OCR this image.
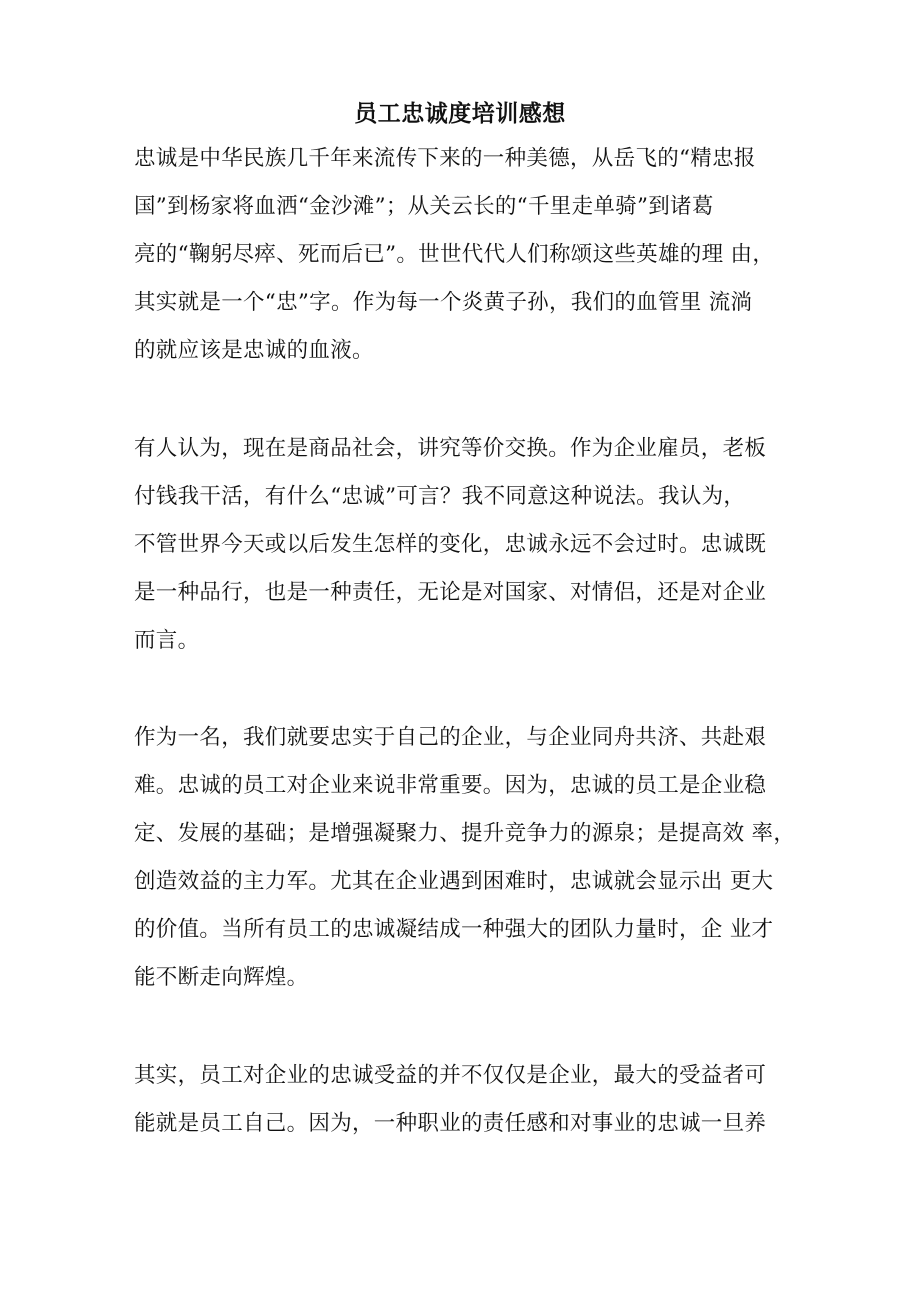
员工忠诚度培训感想
忠诚是中华民族几千年来流传下来的一种美德，从岳飞的“精忠报
国”到杨家将血洒“金沙滩”；从关云长的“千里走单骑”到诸葛
亮的“鞠躬尽瘁、死而后已”。世世代代人们称颂这些英雄的理 由，
其实就是一个“忠”字。作为每一个炎黄子孙，我们的血管里 流淌
的就应该是忠诚的血液。
有人认为，现在是商品社会，讲究等价交换。作为企业雇员，老板
付钱我干活，有什么“忠诚”可言？我不同意这种说法。我认为，
不管世界今天或以后发生怎样的变化，忠诚永远不会过时。忠诚既
是一种品行，也是一种责任，无论是对国家、对情侣，还是对企业
而言。
作为一名，我们就要忠实于自己的企业，与企业同舟共济、共赴艰
难。忠诚的员工对企业来说非常重要。因为，忠诚的员工是企业稳
定、发展的基础；是增强凝聚力、提升竞争力的源泉；是提高效 率，
创造效益的主力军。尤其在企业遇到困难时，忠诚就会显示出 更大
的价值。当所有员工的忠诚凝结成一种强大的团队力量时，企 业才
能不断走向辉煌。
其实，员工对企业的忠诚受益的并不仅仅是企业，最大的受益者可
能就是员工自己。因为，一种职业的责任感和对事业的忠诚一旦养
